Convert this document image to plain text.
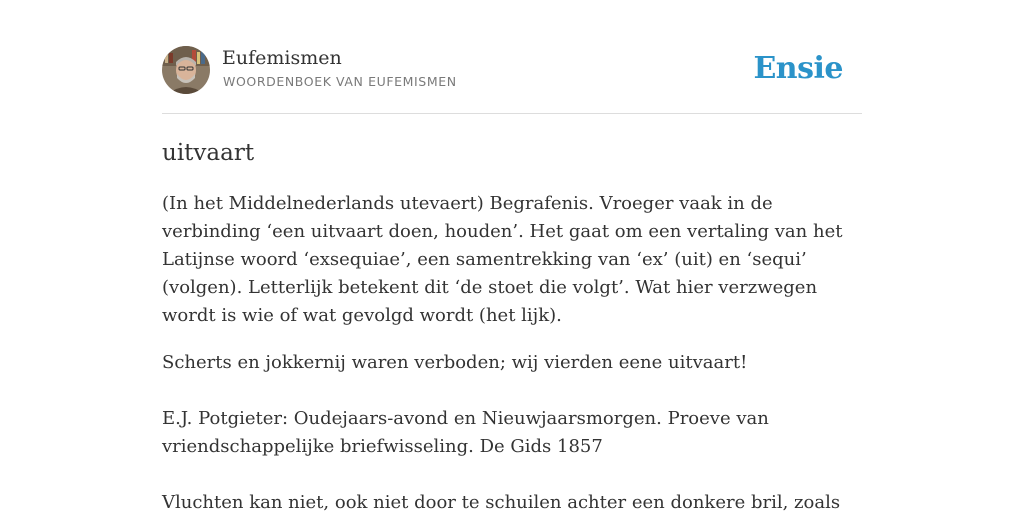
Eufemismen
WOORDENBOEK VAN EUFEMISMEN	Ensie
uitvaart

(In het Middelnederlands utevaert) Begrafenis. Vroeger vaak in de verbinding ‘een uitvaart doen, houden’. Het gaat om een vertaling van het Latijnse woord ‘exsequiae’, een samentrekking van ‘ex’ (uit) en ‘sequi’ (volgen). Letterlijk betekent dit ‘de stoet die volgt’. Wat hier verzwegen wordt is wie of wat gevolgd wordt (het lijk).

Scherts en jokkernij waren verboden; wij vierden eene uitvaart!

E.J. Potgieter: Oudejaars-avond en Nieuwjaarsmorgen. Proeve van vriendschappelijke briefwisseling. De Gids 1857

Vluchten kan niet, ook niet door te schuilen achter een donkere bril, zoals
